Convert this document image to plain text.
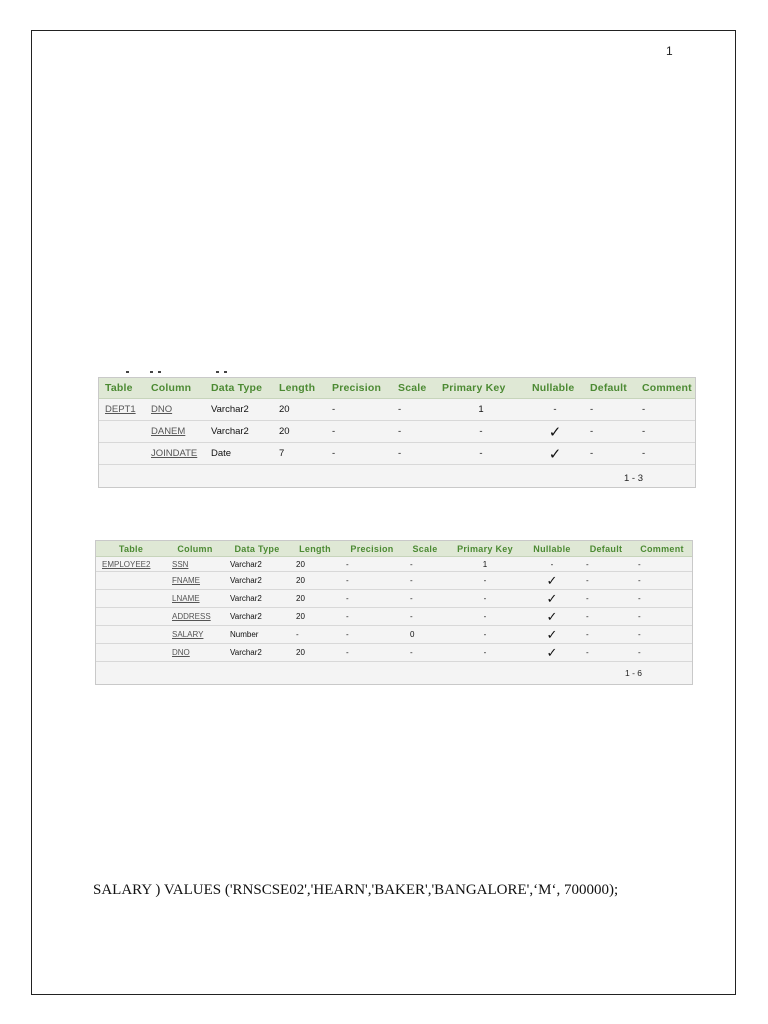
1
Table	Column	Data Type	Length	Precision	Scale	Primary Key	Nullable	Default	Comment
DEPT1	DNO	Varchar2	20	-	-	1	-	-	-
	DANEM	Varchar2	20	-	-	-	✓	-	-
	JOINDATE	Date	7	-	-	-	✓	-	-
1 - 3									
Table	Column	Data Type	Length	Precision	Scale	Primary Key	Nullable	Default	Comment
EMPLOYEE2	SSN	Varchar2	20	-	-	1	-	-	-
	FNAME	Varchar2	20	-	-	-	✓	-	-
	LNAME	Varchar2	20	-	-	-	✓	-	-
	ADDRESS	Varchar2	20	-	-	-	✓	-	-
	SALARY	Number	-	-	0	-	✓	-	-
	DNO	Varchar2	20	-	-	-	✓	-	-
1 - 6									
SALARY ) VALUES ('RNSCSE02','HEARN','BAKER','BANGALORE',‘M‘, 700000);
